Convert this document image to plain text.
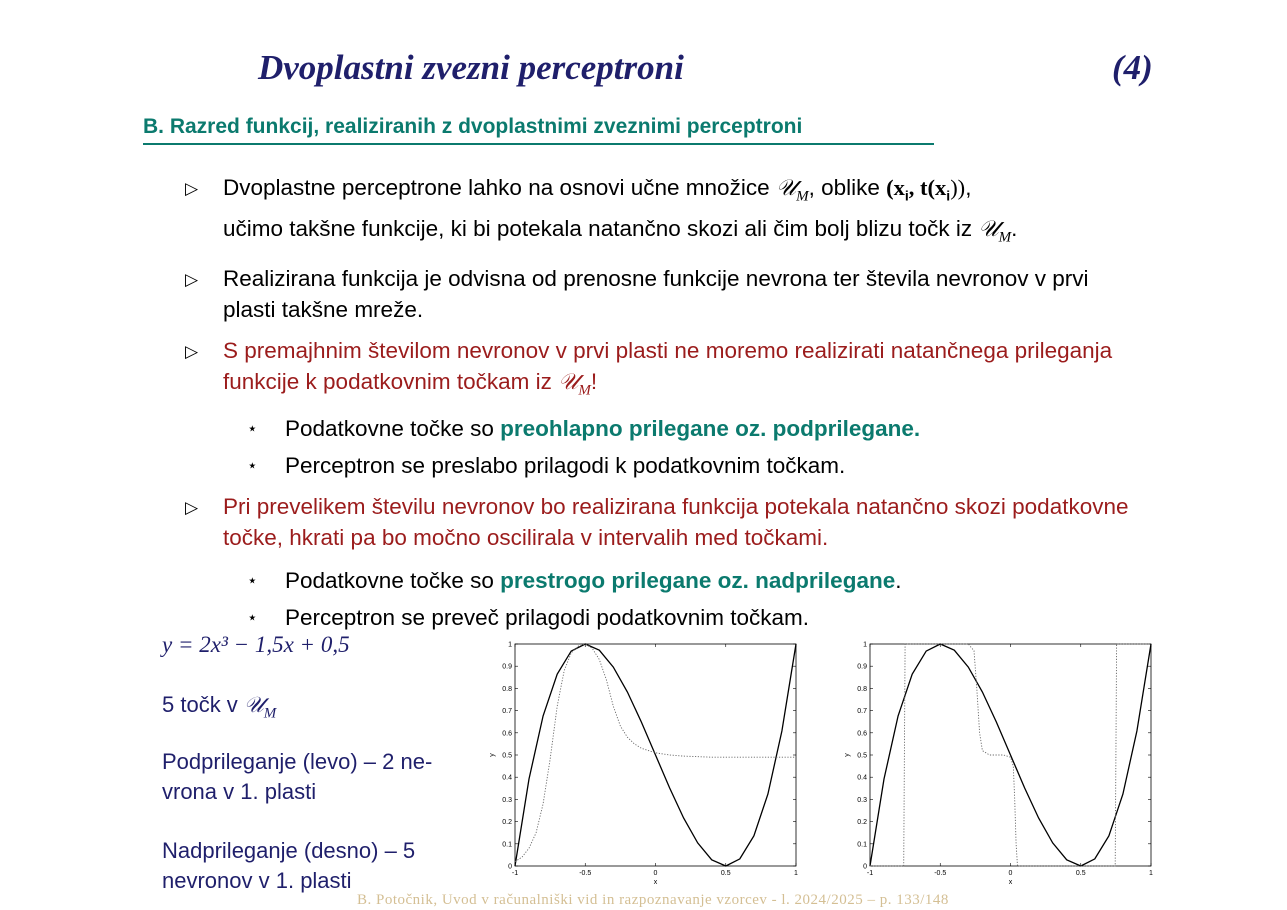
Dvoplastni zvezni perceptroni	(4)
B. Razred funkcij, realiziranih z dvoplastnimi zveznimi perceptroni
▷ Dvoplastne perceptrone lahko na osnovi učne množice 𝒰$_M$, oblike ($x_i$, $t(x_i)$),
učimo takšne funkcije, ki bi potekala natančno skozi ali čim bolj blizu točk iz 𝒰$_M$.
▷ Realizirana funkcija je odvisna od prenosne funkcije nevrona ter števila nevronov v prvi plasti takšne mreže.
▷ S premajhnim številom nevronov v prvi plasti ne moremo realizirati natančnega prileganja funkcije k podatkovnim točkam iz 𝒰$_M$!
⋆ Podatkovne točke so preohlapno prilegane oz. podprilegane.
⋆ Perceptron se preslabo prilagodi k podatkovnim točkam.
▷ Pri prevelikem številu nevronov bo realizirana funkcija potekala natančno skozi podatkovne točke, hkrati pa bo močno oscilirala v intervalih med točkami.
⋆ Podatkovne točke so prestrogo prilegane oz. nadprilegane.
⋆ Perceptron se preveč prilagodi podatkovnim točkam.
y = 2x³ − 1,5x + 0,5
5 točk v 𝒰$_M$
Podprileganje (levo) – 2 ne-
vrona v 1. plasti
Nadprileganje (desno) – 5
nevronov v 1. plasti	-1	-0.5	0	0.5	1
0
0.1
0.2
0.3
0.4
0.5
0.6
0.7
0.8
0.9
1
x
y
-1	-0.5	0	0.5	1
0
0.1
0.2
0.3
0.4
0.5
0.6
0.7
0.8
0.9
1
x
y
B. Potočnik, Uvod v računalniški vid in razpoznavanje vzorcev - l. 2024/2025 – p. 133/148
